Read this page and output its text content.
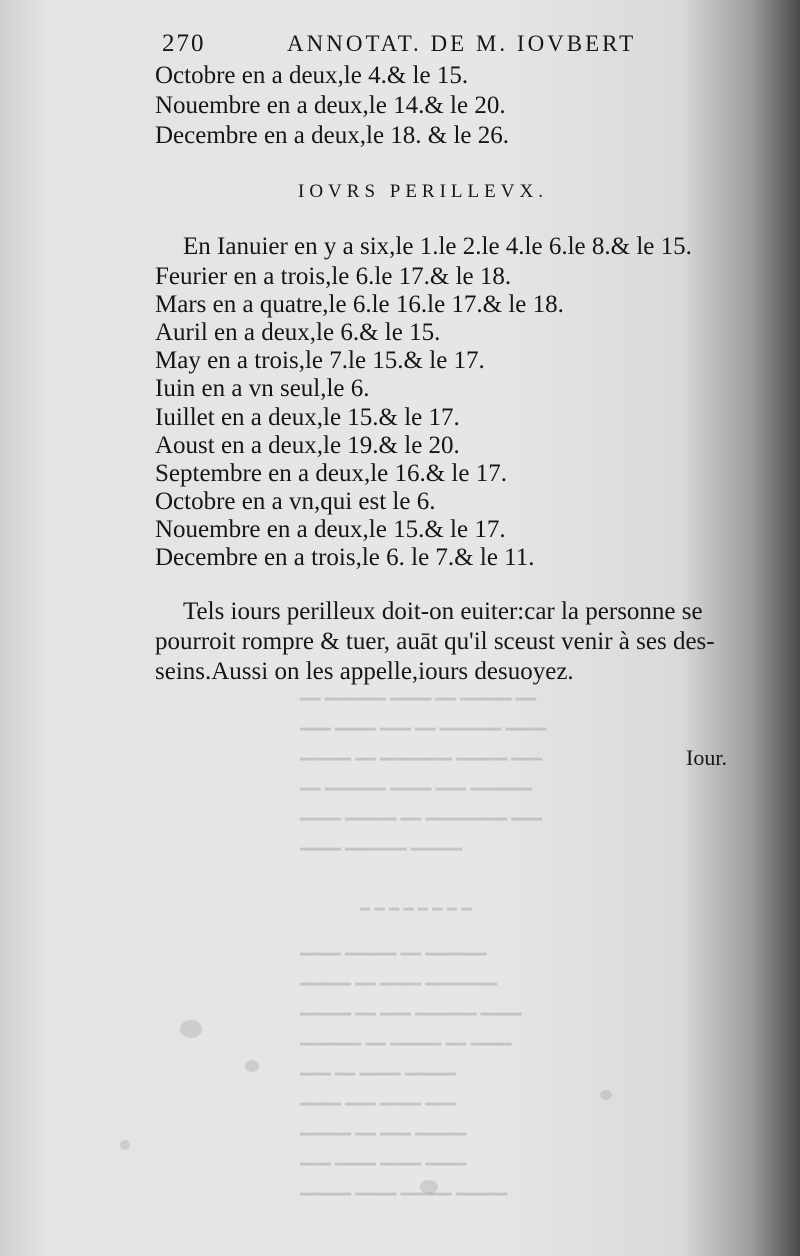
━━ ━━━━━ ━━ ━━━━ ━━━━━━ ━━
━━━━ ━━━━━━ ━━ ━━━ ━━━━ ━━━
━━━ ━━━━━ ━━━━━━━ ━━ ━━━━━
━━━━━━ ━━━ ━━━━ ━━━━━━ ━━
━━━ ━━━━━━━━ ━━ ━━━━━ ━━━━
━━━━━ ━━━━━━ ━━━━
━ ━ ━ ━ ━ ━ ━ ━
━━━━━━ ━━ ━━━━━ ━━━━
━━━━━━━ ━━━━ ━━ ━━━━━
━━━━ ━━━━━━ ━━━ ━━ ━━━━━
━━━━ ━━ ━━━━━ ━━ ━━━━━━
━━━━━ ━━━━ ━━ ━━━
━━━ ━━━━ ━━━ ━━━━
━━━━━ ━━━ ━━ ━━━━━
━━━━ ━━━━ ━━━━ ━━━
━━━━━ ━━━━━ ━━━━ ━━━━━
270	ANNOTAT. DE M. IOVBERT
Octobre en a deux,le 4.& le 15.
Nouembre en a deux,le 14.& le 20.
Decembre en a deux,le 18. & le 26.
IOVRS PERILLEVX.
En Ianuier en y a six,le 1.le 2.le 4.le 6.le 8.& le 15.
Feurier en a trois,le 6.le 17.& le 18.
Mars en a quatre,le 6.le 16.le 17.& le 18.
Auril en a deux,le 6.& le 15.
May en a trois,le 7.le 15.& le 17.
Iuin en a vn seul,le 6.
Iuillet en a deux,le 15.& le 17.
Aoust en a deux,le 19.& le 20.
Septembre en a deux,le 16.& le 17.
Octobre en a vn,qui est le 6.
Nouembre en a deux,le 15.& le 17.
Decembre en a trois,le 6. le 7.& le 11.
Tels iours perilleux doit-on euiter:car la personne se
pourroit rompre & tuer, auāt qu'il sceust venir à ses des-
seins.Aussi on les appelle,iours desuoyez.
Iour.
